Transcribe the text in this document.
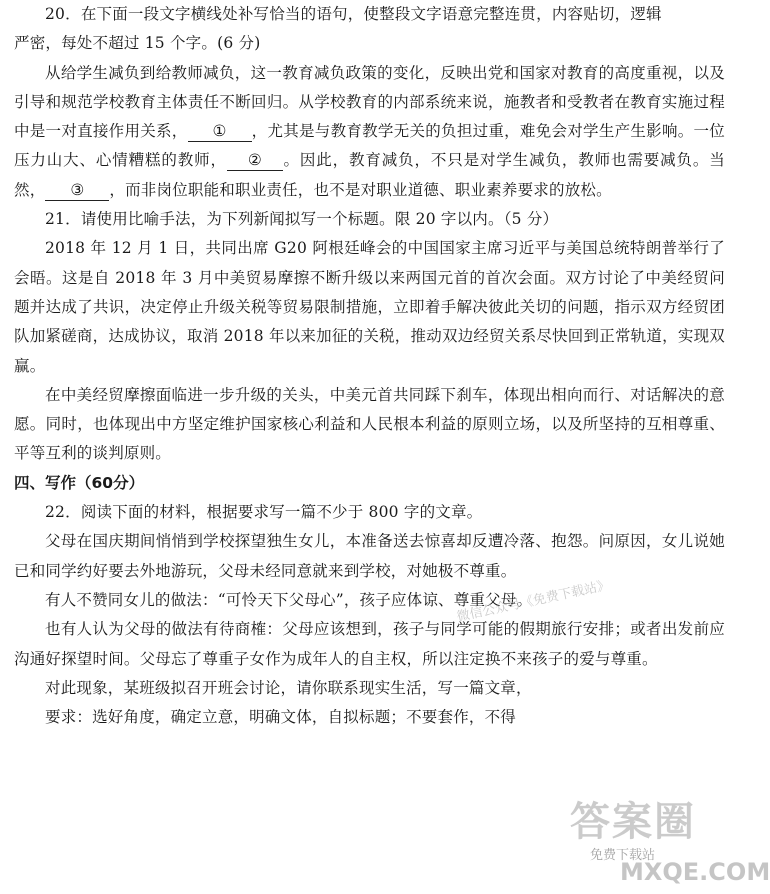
20．在下面一段文字横线处补写恰当的语句，使整段文字语意完整连贯，内容贴切，逻辑

严密，每处不超过 15 个字。(6 分)

从给学生减负到给教师减负，这一教育减负政策的变化，反映出党和国家对教育的高度重视，以及引导和规范学校教育主体责任不断回归。从学校教育的内部系统来说，施教者和受教者在教育实施过程中是一对直接作用关系， ① ，尤其是与教育教学无关的负担过重，难免会对学生产生影响。一位压力山大、心情糟糕的教师， ② 。因此，教育减负，不只是对学生减负，教师也需要减负。当然， ③ ，而非岗位职能和职业责任，也不是对职业道德、职业素养要求的放松。

21．请使用比喻手法，为下列新闻拟写一个标题。限 20 字以内。（5 分）

2018 年 12 月 1 日，共同出席 G20 阿根廷峰会的中国国家主席习近平与美国总统特朗普举行了会晤。这是自 2018 年 3 月中美贸易摩擦不断升级以来两国元首的首次会面。双方讨论了中美经贸问题并达成了共识，决定停止升级关税等贸易限制措施，立即着手解决彼此关切的问题，指示双方经贸团队加紧磋商，达成协议，取消 2018 年以来加征的关税，推动双边经贸关系尽快回到正常轨道，实现双赢。

在中美经贸摩擦面临进一步升级的关头，中美元首共同踩下刹车，体现出相向而行、对话解决的意愿。同时，也体现出中方坚定维护国家核心利益和人民根本利益的原则立场，以及所坚持的互相尊重、平等互利的谈判原则。

四、写作（60分）

22．阅读下面的材料，根据要求写一篇不少于 800 字的文章。

父母在国庆期间悄悄到学校探望独生女儿，本准备送去惊喜却反遭冷落、抱怨。问原因，女儿说她已和同学约好要去外地游玩，父母未经同意就来到学校，对她极不尊重。

有人不赞同女儿的做法：“可怜天下父母心”，孩子应体谅、尊重父母。

也有人认为父母的做法有待商榷：父母应该想到，孩子与同学可能的假期旅行安排；或者出发前应沟通好探望时间。父母忘了尊重子女作为成年人的自主权，所以注定换不来孩子的爱与尊重。

对此现象，某班级拟召开班会讨论，请你联系现实生活，写一篇文章，

要求：选好角度，确定立意，明确文体，自拟标题；不要套作，不得

微信公众号《免费下载站》
答案圈
免费下载站
MXQE.COM
